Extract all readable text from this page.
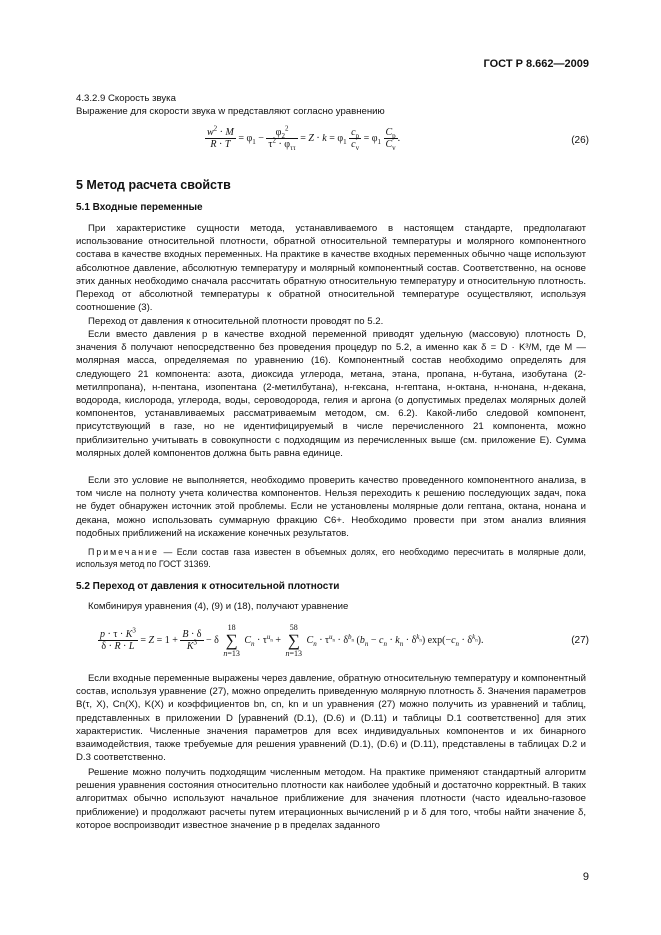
ГОСТ Р 8.662—2009

4.3.2.9 Скорость звука

Выражение для скорости звука w представляют согласно уравнению

$\frac{w^2 \cdot M}{R \cdot T} = \varphi_1$ −
$\varphi_2^2$
$\tau^2 \cdot \varphi_{\tau\tau}$
= $Z \cdot k = \varphi_1 \frac{c_p}{c_v} = \varphi_1 \frac{C_p}{C_v}$ .	(26)
5 Метод расчета свойств
5.1 Входные переменные

При характеристике сущности метода, устанавливаемого в настоящем стандарте, предполагают использование относительной плотности, обратной относительной температуры и молярного компонентного состава в качестве входных переменных. На практике в качестве входных переменных обычно чаще используют абсолютное давление, абсолютную температуру и молярный компонентный состав. Соответственно, на основе этих данных необходимо сначала рассчитать обратную относительную температуру и относительную плотность. Переход от абсолютной температуры к обратной относительной температуре осуществляют, используя соотношение (3).

Переход от давления к относительной плотности проводят по 5.2.

Если вместо давления p в качестве входной переменной приводят удельную (массовую) плотность D, значения δ получают непосредственно без проведения процедур по 5.2, а именно как δ = D · K³/M, где M — молярная масса, определяемая по уравнению (16). Компонентный состав необходимо определять для следующего 21 компонента: азота, диоксида углерода, метана, этана, пропана, н-бутана, изобутана (2-метилпропана), н-пентана, изопентана (2-метилбутана), н-гексана, н-гептана, н-октана, н-нонана, н-декана, водорода, кислорода, углерода, воды, сероводорода, гелия и аргона (о допустимых пределах молярных долей компонентов, устанавливаемых рассматриваемым методом, см. 6.2). Какой-либо следовой компонент, присутствующий в газе, но не идентифицируемый в числе перечисленного 21 компонента, можно приблизительно учитывать в совокупности с подходящим из перечисленных выше (см. приложение Е). Сумма молярных долей компонентов должна быть равна единице.

Если это условие не выполняется, необходимо проверить качество проведенного компонентного анализа, в том числе на полноту учета количества компонентов. Нельзя переходить к решению последующих задач, пока не будет обнаружен источник этой проблемы. Если не установлены молярные доли гептана, октана, нонана и декана, можно использовать суммарную фракцию C6+. Необходимо провести при этом анализ влияния подобных приближений на искажение конечных результатов.

Примечание — Если состав газа известен в объемных долях, его необходимо пересчитать в молярные доли, используя метод по ГОСТ 31369.

5.2 Переход от давления к относительной плотности

Комбинируя уравнения (4), (9) и (18), получают уравнение

$\frac{p \cdot \tau \cdot K^3}{\delta \cdot R \cdot L} = Z = 1 + \frac{B \cdot \delta}{K^3} - \delta$ 18
∑
n=13 $C_n \cdot \tau^{u_n} + 58$
∑
n=13 $C_n \cdot \tau^{u_n} \cdot \delta^{b_n}$ $(b_n - c_n \cdot k_n \cdot \delta^{k_n}) \exp(-c_n \cdot \delta^{k_n})$.	(27)

Если входные переменные выражены через давление, обратную относительную температуру и компонентный состав, используя уравнение (27), можно определить приведенную молярную плотность δ. Значения параметров B(τ, X), Cn(X), K(X) и коэффициентов bn, cn, kn и un уравнения (27) можно получить из уравнений и таблиц, представленных в приложении D [уравнений (D.1), (D.6) и (D.11) и таблицы D.1 соответственно] для этих характеристик. Численные значения параметров для всех индивидуальных компонентов и их бинарного взаимодействия, также требуемые для решения уравнений (D.1), (D.6) и (D.11), представлены в таблицах D.2 и D.3 соответственно.

Решение можно получить подходящим численным методом. На практике применяют стандартный алгоритм решения уравнения состояния относительно плотности как наиболее удобный и достаточно корректный. В таких алгоритмах обычно используют начальное приближение для значения плотности (часто идеально-газовое приближение) и продолжают расчеты путем итерационных вычислений p и δ для того, чтобы найти значение δ, которое воспроизводит известное значение p в пределах заданного

9
